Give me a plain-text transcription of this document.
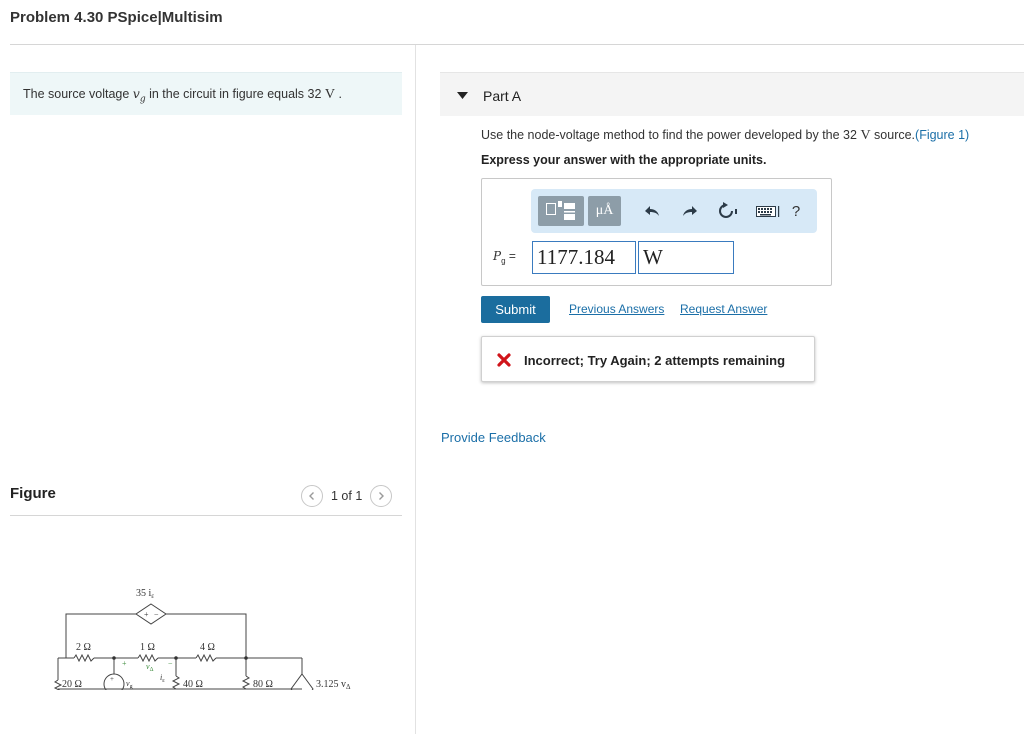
Problem 4.30 PSpice|Multisim
The source voltage $v_g$ in the circuit in figure equals 32 V .
Figure	1 of 1
35 $i_\varepsilon$
+ −
2 Ω	1 Ω	4 Ω
+ $v_\Delta$
−
20 Ω	+ $v_g$
$i_\varepsilon$ 40 Ω	80 Ω	3.125 $v_\Delta$
Part A
Use the node-voltage method to find the power developed by the 32 V source.(Figure 1)
Express your answer with the appropriate units.
μÅ	?
$P_g = 1177.184$	W
Submit	Previous Answers Request Answer
Incorrect; Try Again; 2 attempts remaining
Provide Feedback
